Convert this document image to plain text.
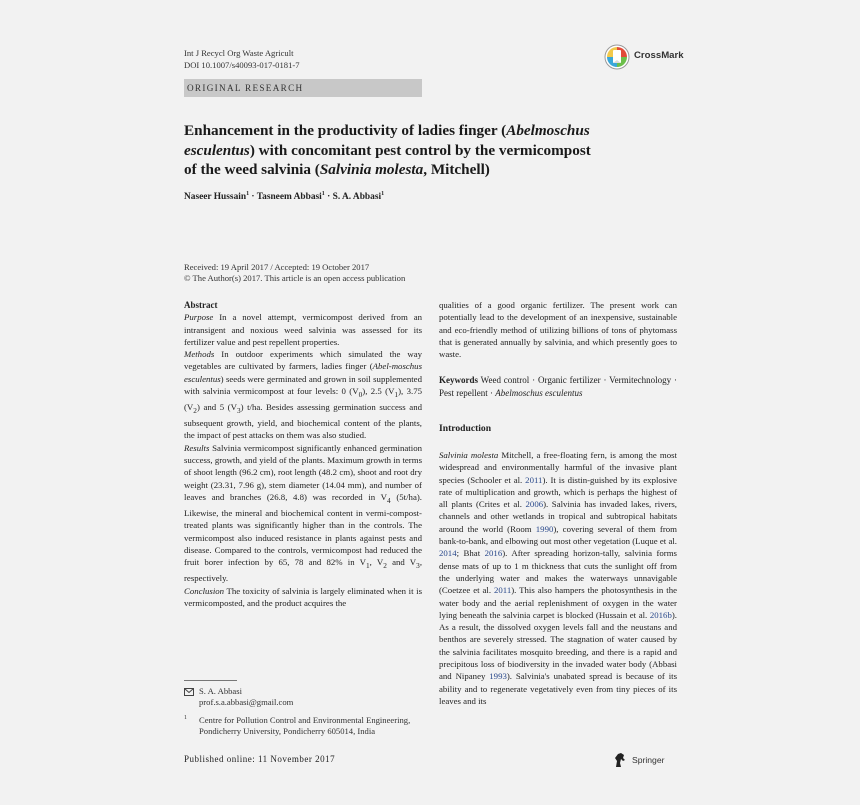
Int J Recycl Org Waste Agricult
DOI 10.1007/s40093-017-0181-7
CrossMark
ORIGINAL RESEARCH
Enhancement in the productivity of ladies finger (Abelmoschus
esculentus) with concomitant pest control by the vermicompost
of the weed salvinia (Salvinia molesta, Mitchell)
Naseer Hussain$^1$ · Tasneem Abbasi$^1$ · S. A. Abbasi$^1$
Received: 19 April 2017 / Accepted: 19 October 2017
© The Author(s) 2017. This article is an open access publication

Abstract

Purpose In a novel attempt, vermicompost derived from an intransigent and noxious weed salvinia was assessed for its fertilizer value and pest repellent properties.

Methods In outdoor experiments which simulated the way vegetables are cultivated by farmers, ladies finger (Abel-moschus esculentus) seeds were germinated and grown in soil supplemented with salvinia vermicompost at four levels: 0 $(V_0)$, 2.5 $(V_1)$, 3.75 $(V_2)$ and 5 $(V_3)$ t/ha. Besides assessing germination success and subsequent growth, yield, and biochemical content of the plants, the impact of pest attacks on them was also studied.

Results Salvinia vermicompost significantly enhanced germination success, growth, and yield of the plants. Maximum growth in terms of shoot length (96.2 cm), root length (48.2 cm), shoot and root dry weight (23.31, 7.96 g), stem diameter (14.04 mm), and number of leaves and branches (26.8, 4.8) was recorded in $V_4$ (5t/ha). Likewise, the mineral and biochemical content in vermi-compost-treated plants was significantly higher than in the controls. The vermicompost also induced resistance in plants against pests and disease. Compared to the controls, vermicompost had reduced the fruit borer infection by 65, 78 and 82% in $V_1$, $V_2$ and $V_3$, respectively.

Conclusion The toxicity of salvinia is largely eliminated when it is vermicomposted, and the product acquires the

qualities of a good organic fertilizer. The present work can potentially lead to the development of an inexpensive, sustainable and eco-friendly method of utilizing billions of tons of phytomass that is generated annually by salvinia, and which presently goes to waste.
Keywords Weed control · Organic fertilizer · Vermitechnology · Pest repellent · Abelmoschus esculentus
Introduction

Salvinia molesta Mitchell, a free-floating fern, is among the most widespread and environmentally harmful of the invasive plant species (Schooler et al. 2011). It is distin-guished by its explosive rate of multiplication and growth, which is perhaps the highest of all plants (Crites et al. 2006). Salvinia has invaded lakes, rivers, channels and other wetlands in tropical and subtropical habitats around the world (Room 1990), covering several of them from bank-to-bank, and elbowing out most other vegetation (Luque et al. 2014; Bhat 2016). After spreading horizon-tally, salvinia forms dense mats of up to 1 m thickness that cuts the sunlight off from the underlying water and makes the waterways unnavigable (Coetzee et al. 2011). This also hampers the photosynthesis in the water body and the aerial replenishment of oxygen in the water lying beneath the salvinia carpet is blocked (Hussain et al. 2016b). As a result, the dissolved oxygen levels fall and the neustans and benthos are severely stressed. The stagnation of water caused by the salvinia facilitates mosquito breeding, and there is a rapid and precipitous loss of biodiversity in the invaded water body (Abbasi and Nipaney 1993). Salvinia's unabated spread is because of its ability and to regenerate vegetatively even from tiny pieces of its leaves and its

S. A. Abbasi
prof.s.a.abbasi@gmail.com
1 Centre for Pollution Control and Environmental Engineering,
Pondicherry University, Pondicherry 605014, India
Published online: 11 November 2017	Springer
